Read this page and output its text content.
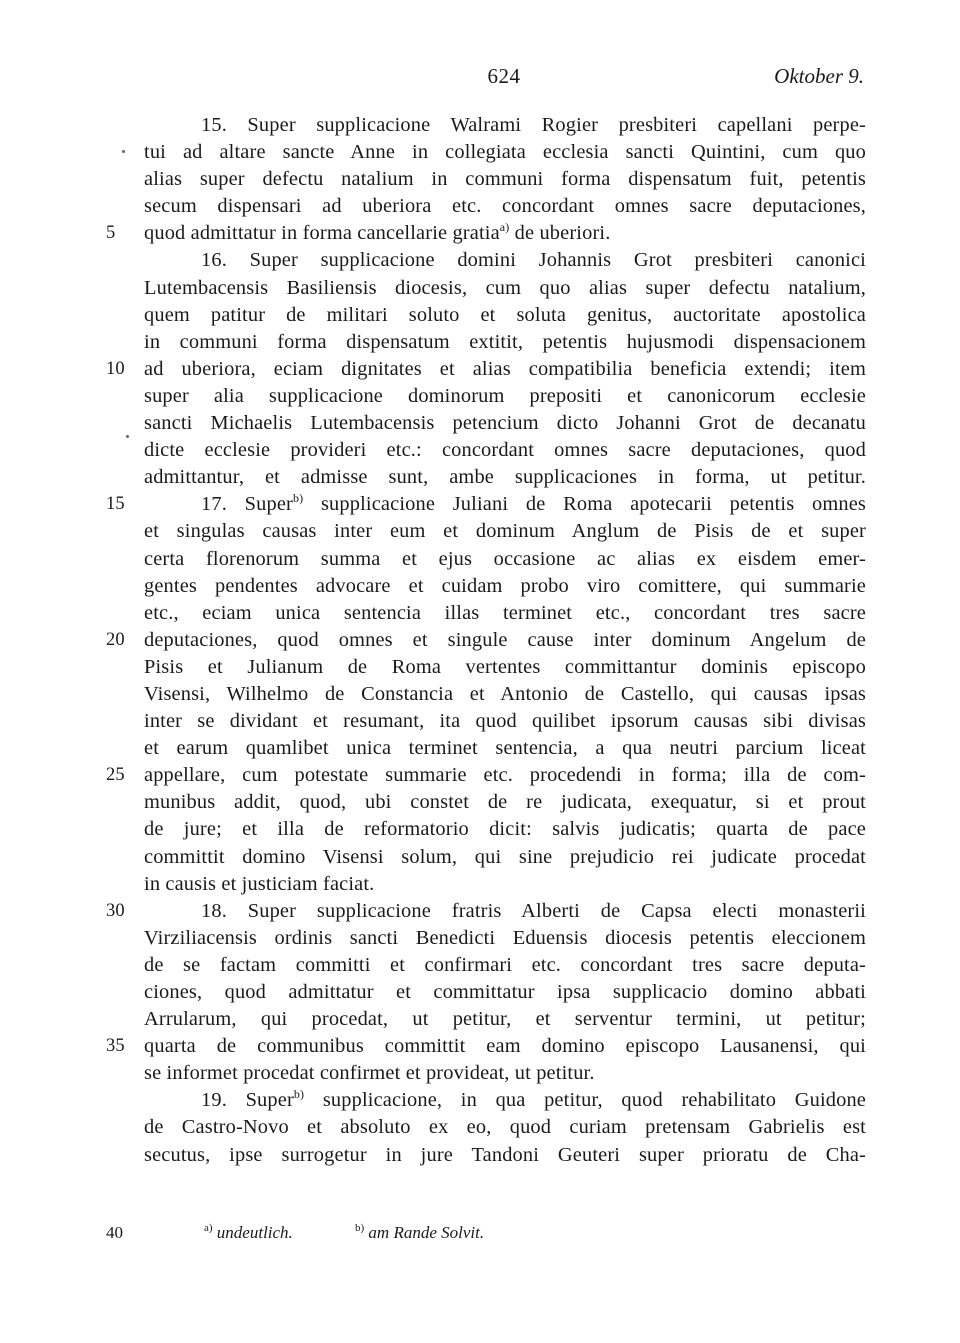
624	Oktober 9.
15. Super supplicacione Walrami Rogier presbiteri capellani perpe-
tui ad altare sancte Anne in collegiata ecclesia sancti Quintini, cum quo
alias super defectu natalium in communi forma dispensatum fuit, petentis
secum dispensari ad uberiora etc. concordant omnes sacre deputaciones,
5	quod admittatur in forma cancellarie gratia$^{a)}$ de uberiori.
16. Super supplicacione domini Johannis Grot presbiteri canonici
Lutembacensis Basiliensis diocesis, cum quo alias super defectu natalium,
quem patitur de militari soluto et soluta genitus, auctoritate apostolica
in communi forma dispensatum extitit, petentis hujusmodi dispensacionem
10 ad uberiora, eciam dignitates et alias compatibilia beneficia extendi; item
super alia supplicacione dominorum prepositi et canonicorum ecclesie
sancti Michaelis Lutembacensis petencium dicto Johanni Grot de decanatu
dicte ecclesie provideri etc.: concordant omnes sacre deputaciones, quod
admittantur, et admisse sunt, ambe supplicaciones in forma, ut petitur.
15	17. Super$^{b)}$ supplicacione Juliani de Roma apotecarii petentis omnes
et singulas causas inter eum et dominum Anglum de Pisis de et super
certa florenorum summa et ejus occasione ac alias ex eisdem emer-
gentes pendentes advocare et cuidam probo viro comittere, qui summarie
etc., eciam unica sentencia illas terminet etc., concordant tres sacre
20 deputaciones, quod omnes et singule cause inter dominum Angelum de
Pisis et Julianum de Roma vertentes committantur dominis episcopo
Visensi, Wilhelmo de Constancia et Antonio de Castello, qui causas ipsas
inter se dividant et resumant, ita quod quilibet ipsorum causas sibi divisas
et earum quamlibet unica terminet sentencia, a qua neutri parcium liceat
25 appellare, cum potestate summarie etc. procedendi in forma; illa de com-
munibus addit, quod, ubi constet de re judicata, exequatur, si et prout
de jure; et illa de reformatorio dicit: salvis judicatis; quarta de pace
committit domino Visensi solum, qui sine prejudicio rei judicate procedat
in causis et justiciam faciat.
30	18. Super supplicacione fratris Alberti de Capsa electi monasterii
Virziliacensis ordinis sancti Benedicti Eduensis diocesis petentis eleccionem
de se factam committi et confirmari etc. concordant tres sacre deputa-
ciones, quod admittatur et committatur ipsa supplicacio domino abbati
Arrularum, qui procedat, ut petitur, et serventur termini, ut petitur;
35 quarta de communibus committit eam domino episcopo Lausanensi, qui
se informet procedat confirmet et provideat, ut petitur.
19. Super$^{b)}$ supplicacione, in qua petitur, quod rehabilitato Guidone
de Castro-Novo et absoluto ex eo, quod curiam pretensam Gabrielis est
secutus, ipse surrogetur in jure Tandoni Geuteri super prioratu de Cha-
40	$^{a)}$ undeutlich.	$^{b)}$ am Rande Solvit.
